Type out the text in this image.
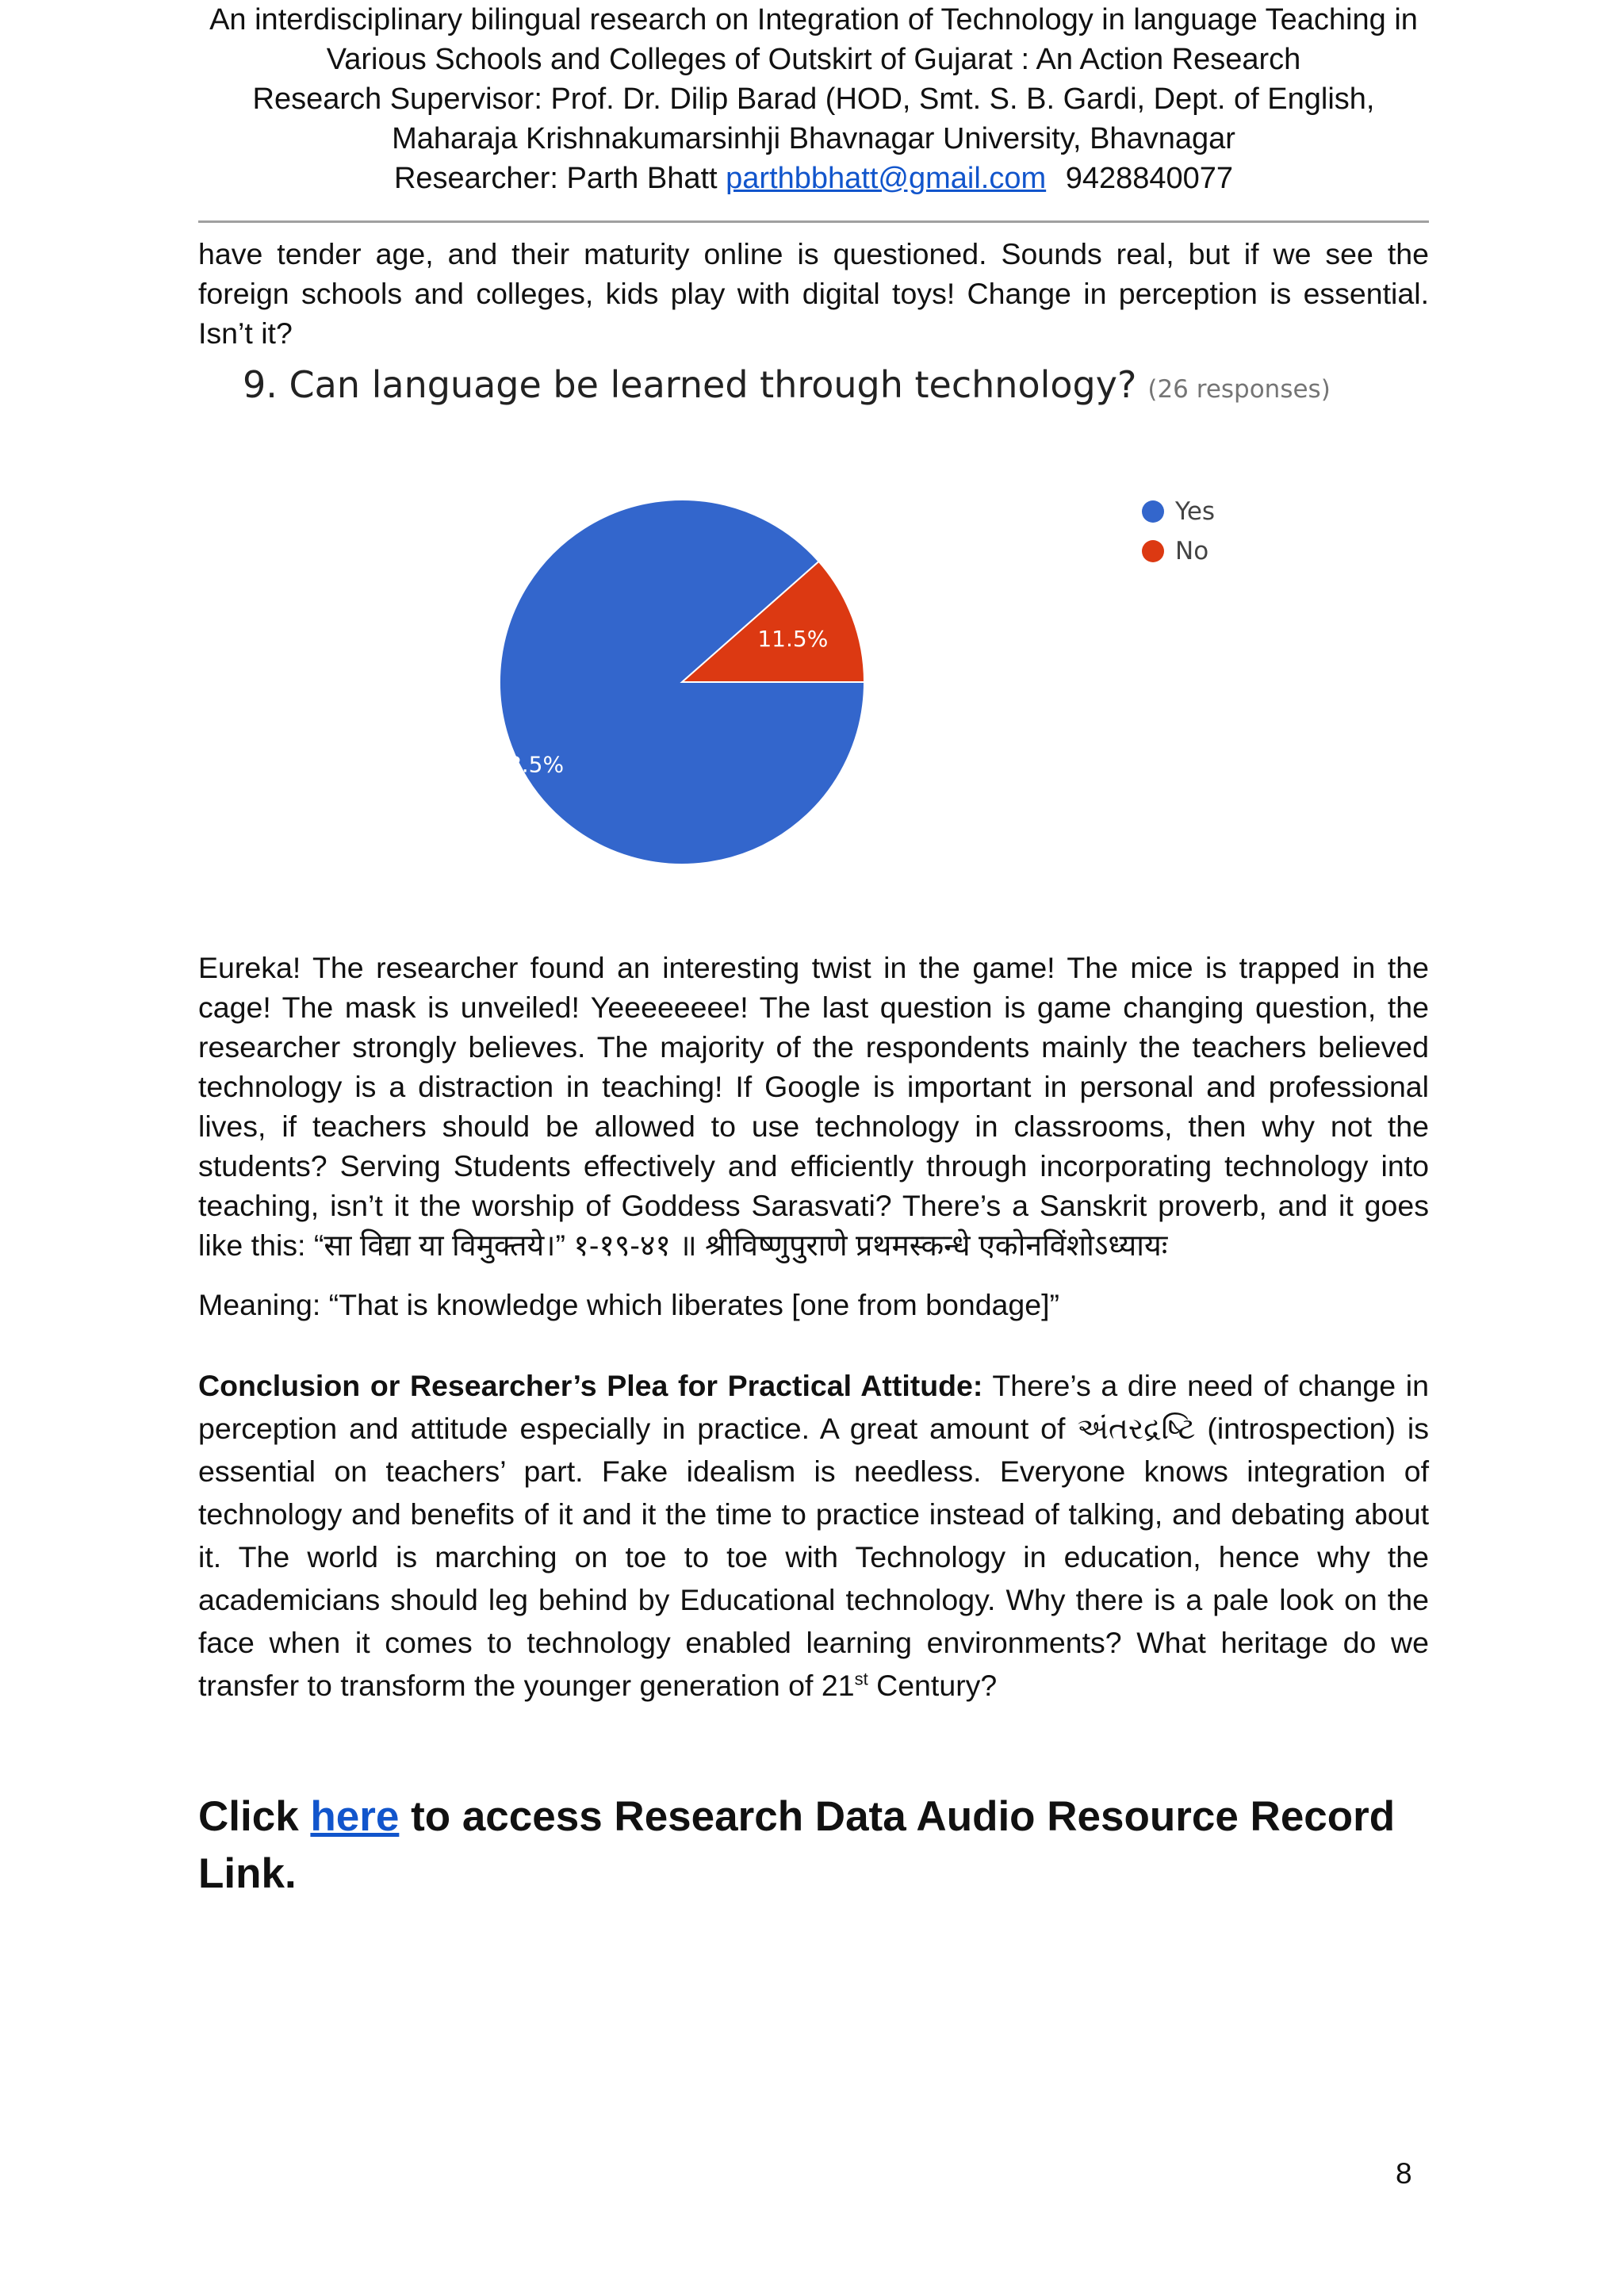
An interdisciplinary bilingual research on Integration of Technology in language Teaching in
Various Schools and Colleges of Outskirt of Gujarat : An Action Research
Research Supervisor: Prof. Dr. Dilip Barad (HOD, Smt. S. B. Gardi, Dept. of English,
Maharaja Krishnakumarsinhji Bhavnagar University, Bhavnagar
Researcher: Parth Bhatt parthbbhatt@gmail.com 9428840077

have tender age, and their maturity online is questioned. Sounds real, but if we see the foreign schools and colleges, kids play with digital toys! Change in perception is essential. Isn’t it?

9. Can language be learned through technology? (26 responses)
11.5%
88.5%
Yes
No

Eureka! The researcher found an interesting twist in the game! The mice is trapped in the cage! The mask is unveiled! Yeeeeeeee! The last question is game changing question, the researcher strongly believes. The majority of the respondents mainly the teachers believed technology is a distraction in teaching! If Google is important in personal and professional lives, if teachers should be allowed to use technology in classrooms, then why not the students? Serving Students effectively and efficiently through incorporating technology into teaching, isn’t it the worship of Goddess Sarasvati? There’s a Sanskrit proverb, and it goes like this: “सा विद्या या विमुक्तये।” १-१९-४१ ॥ श्रीविष्णुपुराणे प्रथमस्कन्धे एकोनविंशोऽध्यायः

Meaning: “That is knowledge which liberates [one from bondage]”

Conclusion or Researcher’s Plea for Practical Attitude: There’s a dire need of change in perception and attitude especially in practice. A great amount of અંતરદ્રષ્ટિ (introspection) is essential on teachers’ part. Fake idealism is needless. Everyone knows integration of technology and benefits of it and it the time to practice instead of talking, and debating about it. The world is marching on toe to toe with Technology in education, hence why the academicians should leg behind by Educational technology. Why there is a pale look on the face when it comes to technology enabled learning environments? What heritage do we transfer to transform the younger generation of 21st Century?

Click here to access Research Data Audio Resource Record Link.

8
